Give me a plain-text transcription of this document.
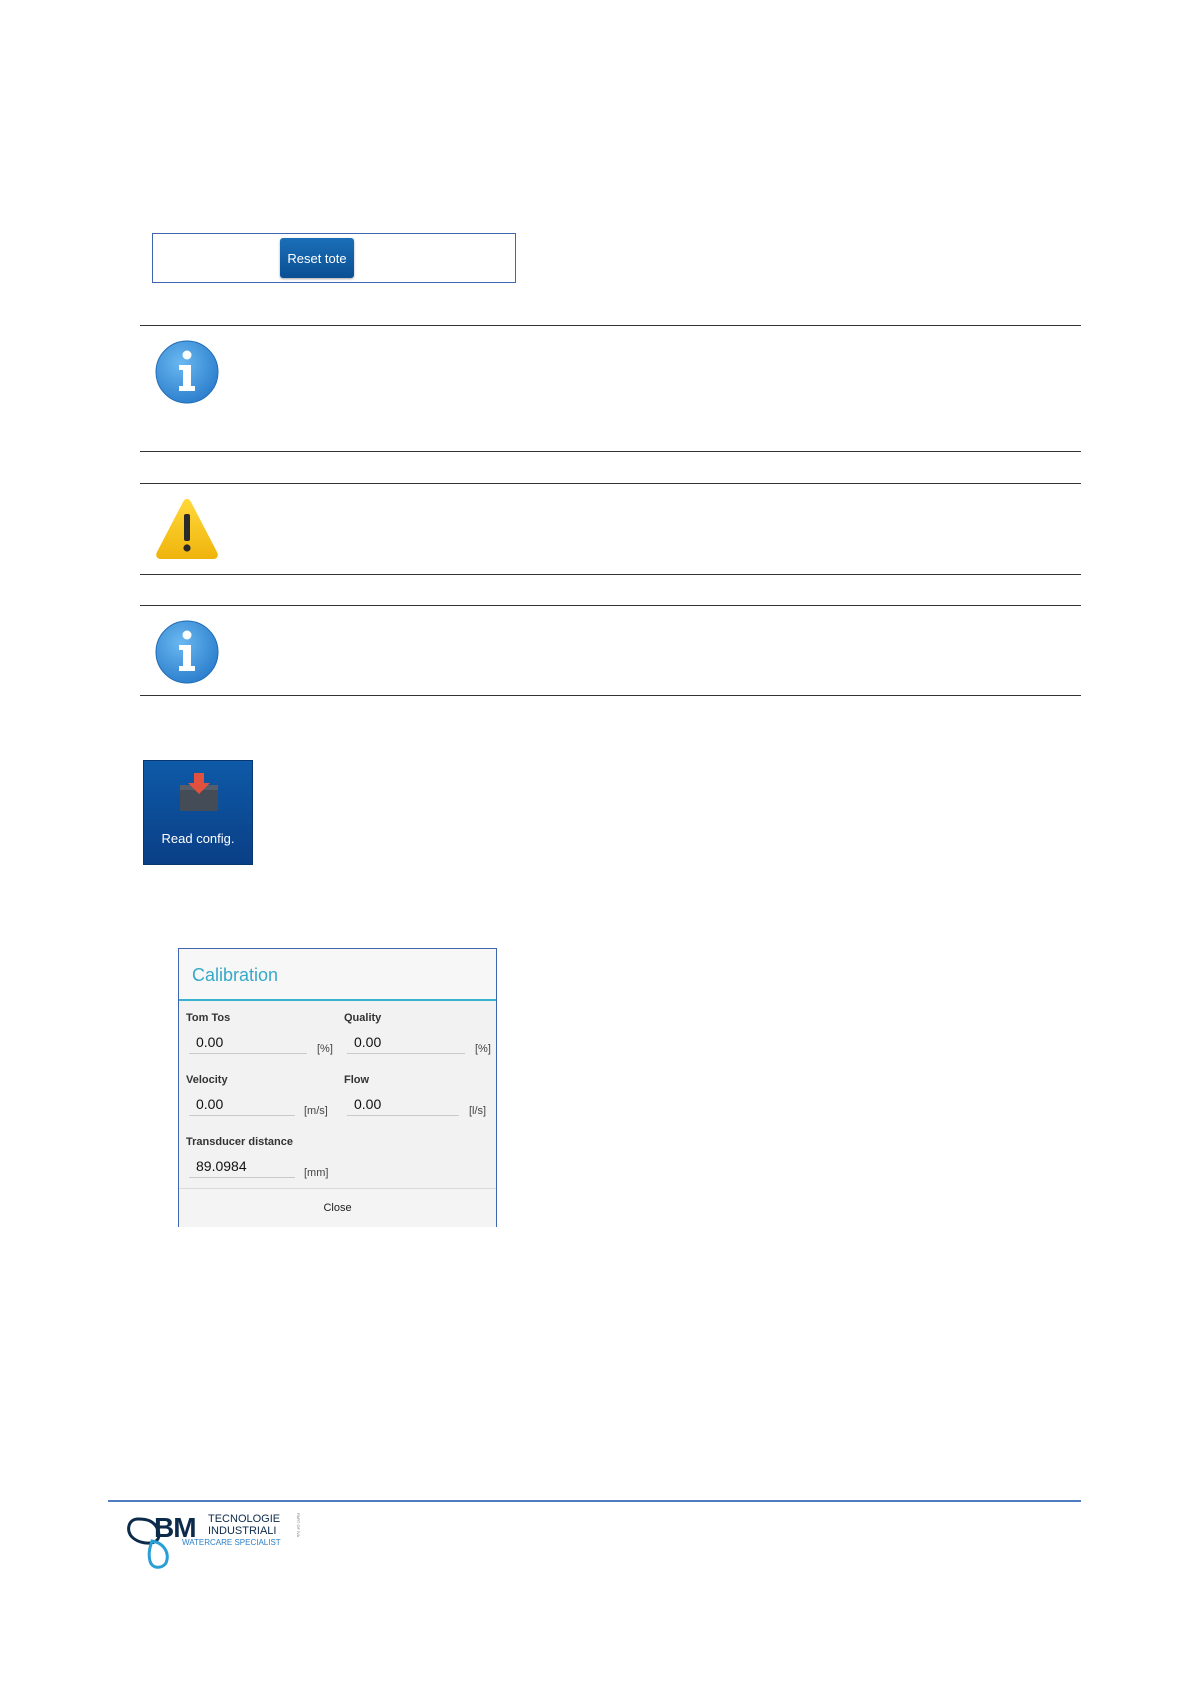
Reset tote
Read config.
Calibration
Tom Tos
0.00
[%]
Quality
0.00
[%]
Velocity
0.00
[m/s]
Flow
0.00
[l/s]
Transducer distance
89.0984
[mm]
Close
BM TECNOLOGIE
INDUSTRIALI
WATERCARE SPECIALIST
PART OF IVA
